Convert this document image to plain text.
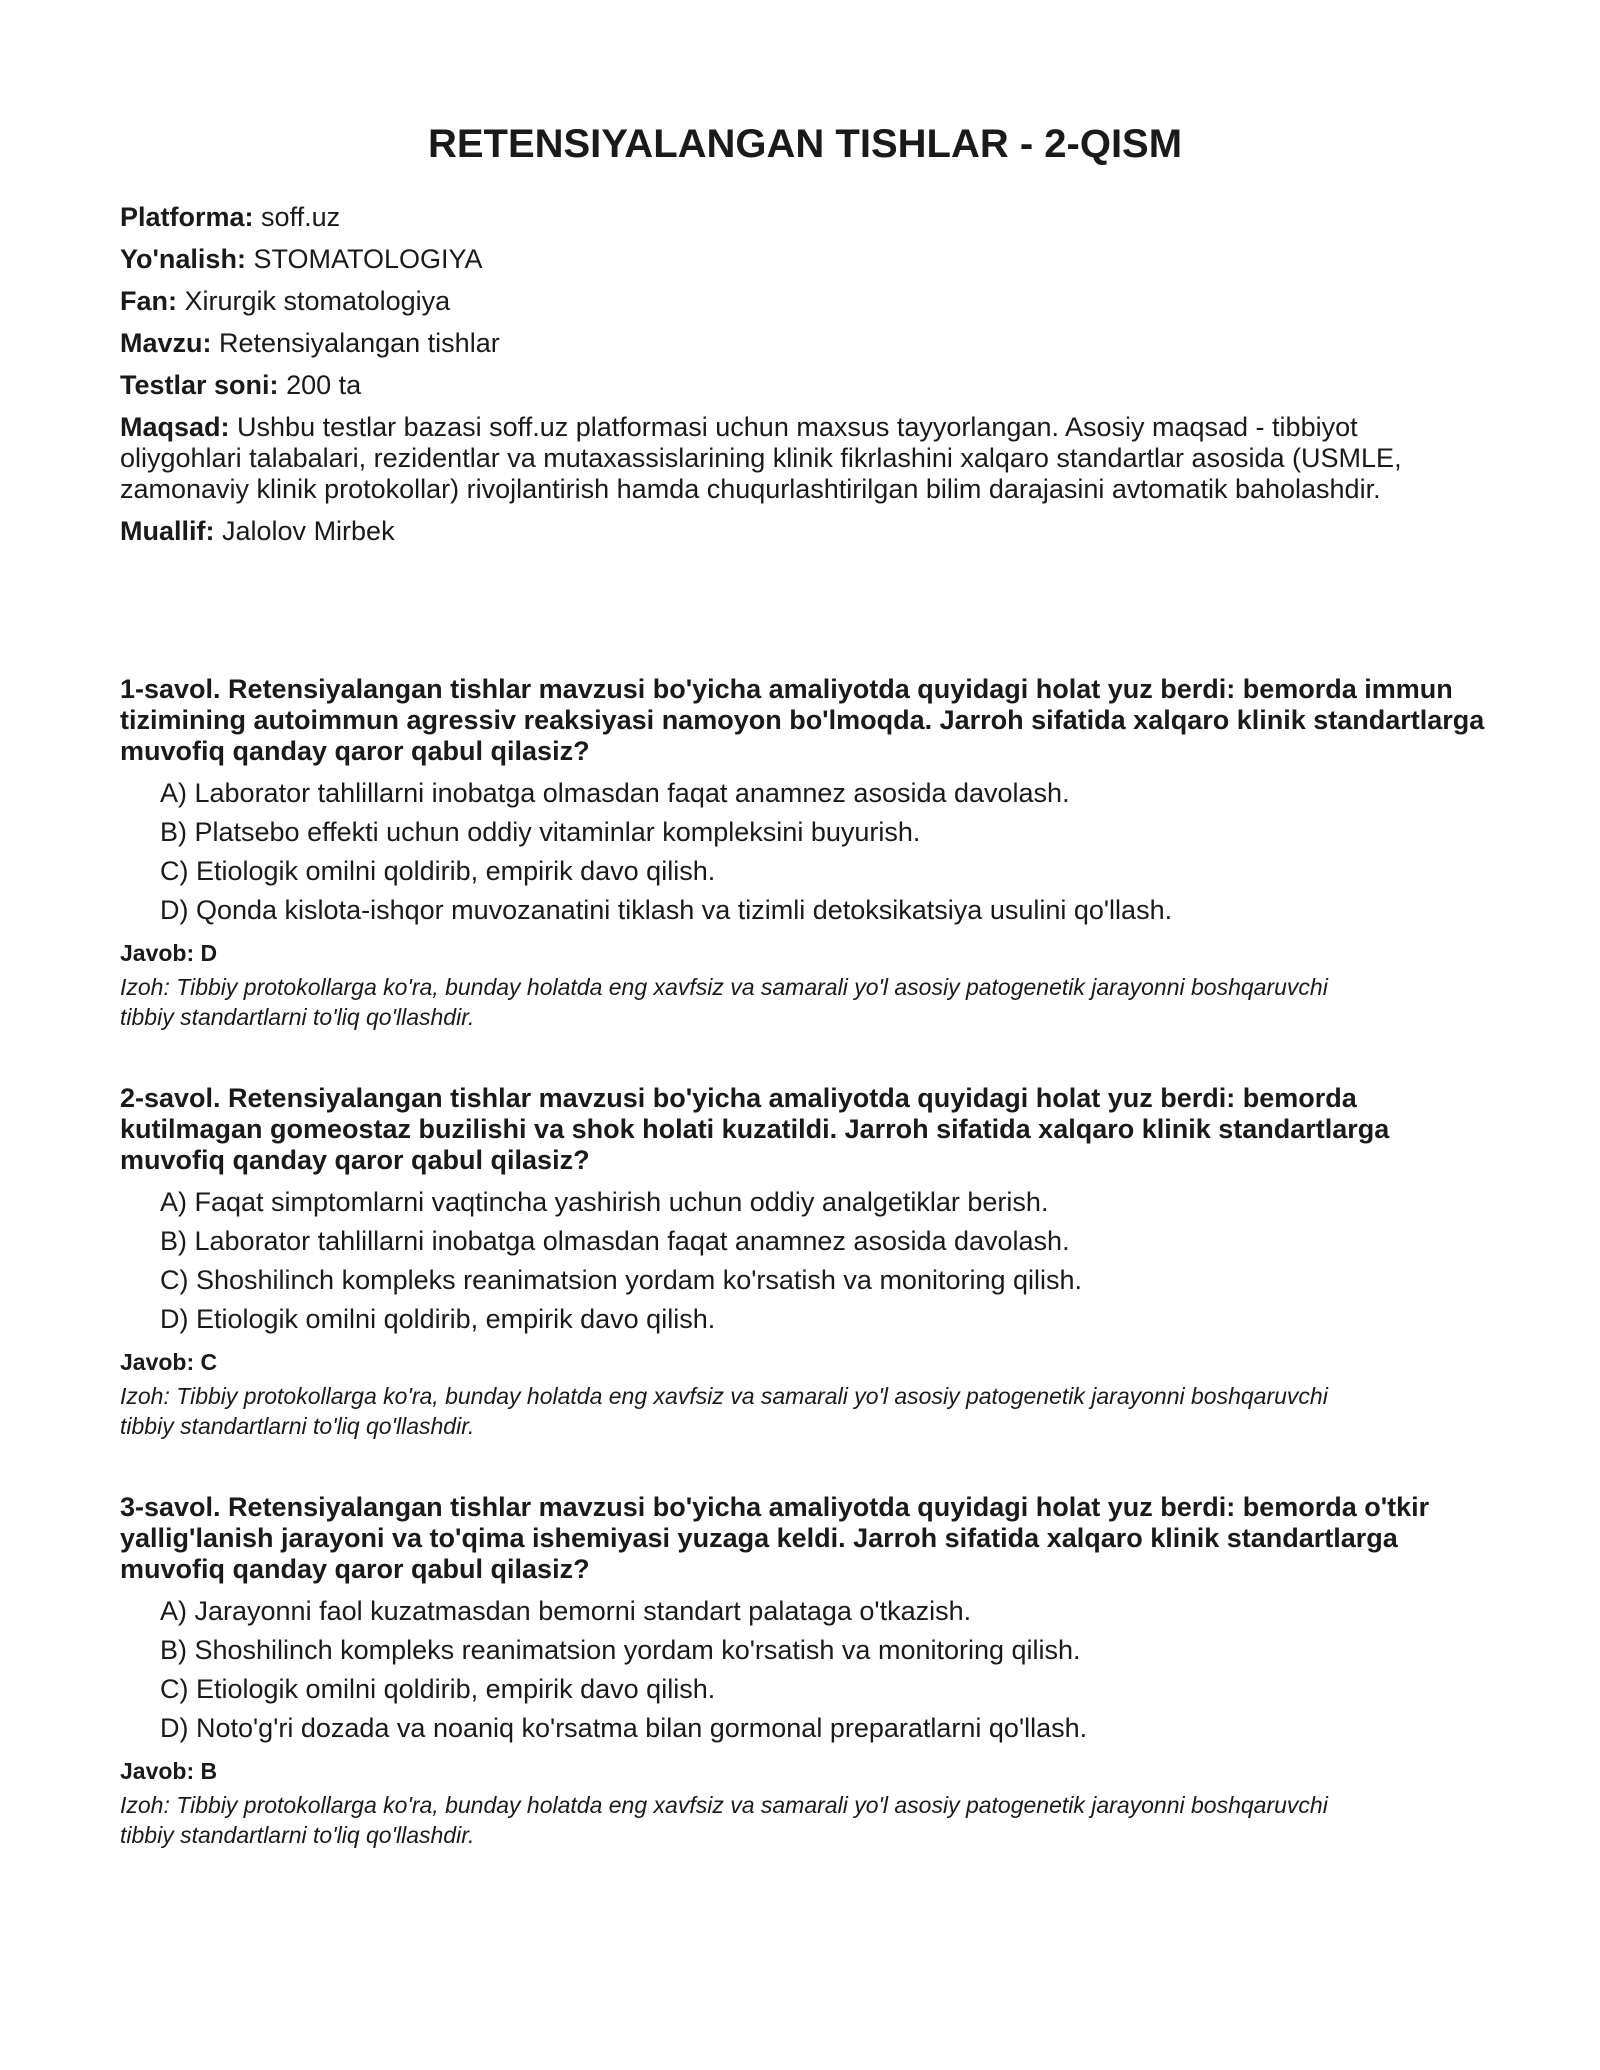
RETENSIYALANGAN TISHLAR - 2-QISM

Platforma: soff.uz

Yo'nalish: STOMATOLOGIYA

Fan: Xirurgik stomatologiya

Mavzu: Retensiyalangan tishlar

Testlar soni: 200 ta

Maqsad: Ushbu testlar bazasi soff.uz platformasi uchun maxsus tayyorlangan. Asosiy maqsad - tibbiyot oliygohlari talabalari, rezidentlar va mutaxassislarining klinik fikrlashini xalqaro standartlar asosida (USMLE, zamonaviy klinik protokollar) rivojlantirish hamda chuqurlashtirilgan bilim darajasini avtomatik baholashdir.

Muallif: Jalolov Mirbek

1-savol. Retensiyalangan tishlar mavzusi bo'yicha amaliyotda quyidagi holat yuz berdi: bemorda immun tizimining autoimmun agressiv reaksiyasi namoyon bo'lmoqda. Jarroh sifatida xalqaro klinik standartlarga muvofiq qanday qaror qabul qilasiz?

A) Laborator tahlillarni inobatga olmasdan faqat anamnez asosida davolash.
B) Platsebo effekti uchun oddiy vitaminlar kompleksini buyurish.
C) Etiologik omilni qoldirib, empirik davo qilish.
D) Qonda kislota-ishqor muvozanatini tiklash va tizimli detoksikatsiya usulini qo'llash.

Javob: D

Izoh: Tibbiy protokollarga ko'ra, bunday holatda eng xavfsiz va samarali yo'l asosiy patogenetik jarayonni boshqaruvchi tibbiy standartlarni to'liq qo'llashdir.

2-savol. Retensiyalangan tishlar mavzusi bo'yicha amaliyotda quyidagi holat yuz berdi: bemorda kutilmagan gomeostaz buzilishi va shok holati kuzatildi. Jarroh sifatida xalqaro klinik standartlarga muvofiq qanday qaror qabul qilasiz?

A) Faqat simptomlarni vaqtincha yashirish uchun oddiy analgetiklar berish.
B) Laborator tahlillarni inobatga olmasdan faqat anamnez asosida davolash.
C) Shoshilinch kompleks reanimatsion yordam ko'rsatish va monitoring qilish.
D) Etiologik omilni qoldirib, empirik davo qilish.

Javob: C

Izoh: Tibbiy protokollarga ko'ra, bunday holatda eng xavfsiz va samarali yo'l asosiy patogenetik jarayonni boshqaruvchi tibbiy standartlarni to'liq qo'llashdir.

3-savol. Retensiyalangan tishlar mavzusi bo'yicha amaliyotda quyidagi holat yuz berdi: bemorda o'tkir yallig'lanish jarayoni va to'qima ishemiyasi yuzaga keldi. Jarroh sifatida xalqaro klinik standartlarga muvofiq qanday qaror qabul qilasiz?

A) Jarayonni faol kuzatmasdan bemorni standart palataga o'tkazish.
B) Shoshilinch kompleks reanimatsion yordam ko'rsatish va monitoring qilish.
C) Etiologik omilni qoldirib, empirik davo qilish.
D) Noto'g'ri dozada va noaniq ko'rsatma bilan gormonal preparatlarni qo'llash.

Javob: B

Izoh: Tibbiy protokollarga ko'ra, bunday holatda eng xavfsiz va samarali yo'l asosiy patogenetik jarayonni boshqaruvchi tibbiy standartlarni to'liq qo'llashdir.
